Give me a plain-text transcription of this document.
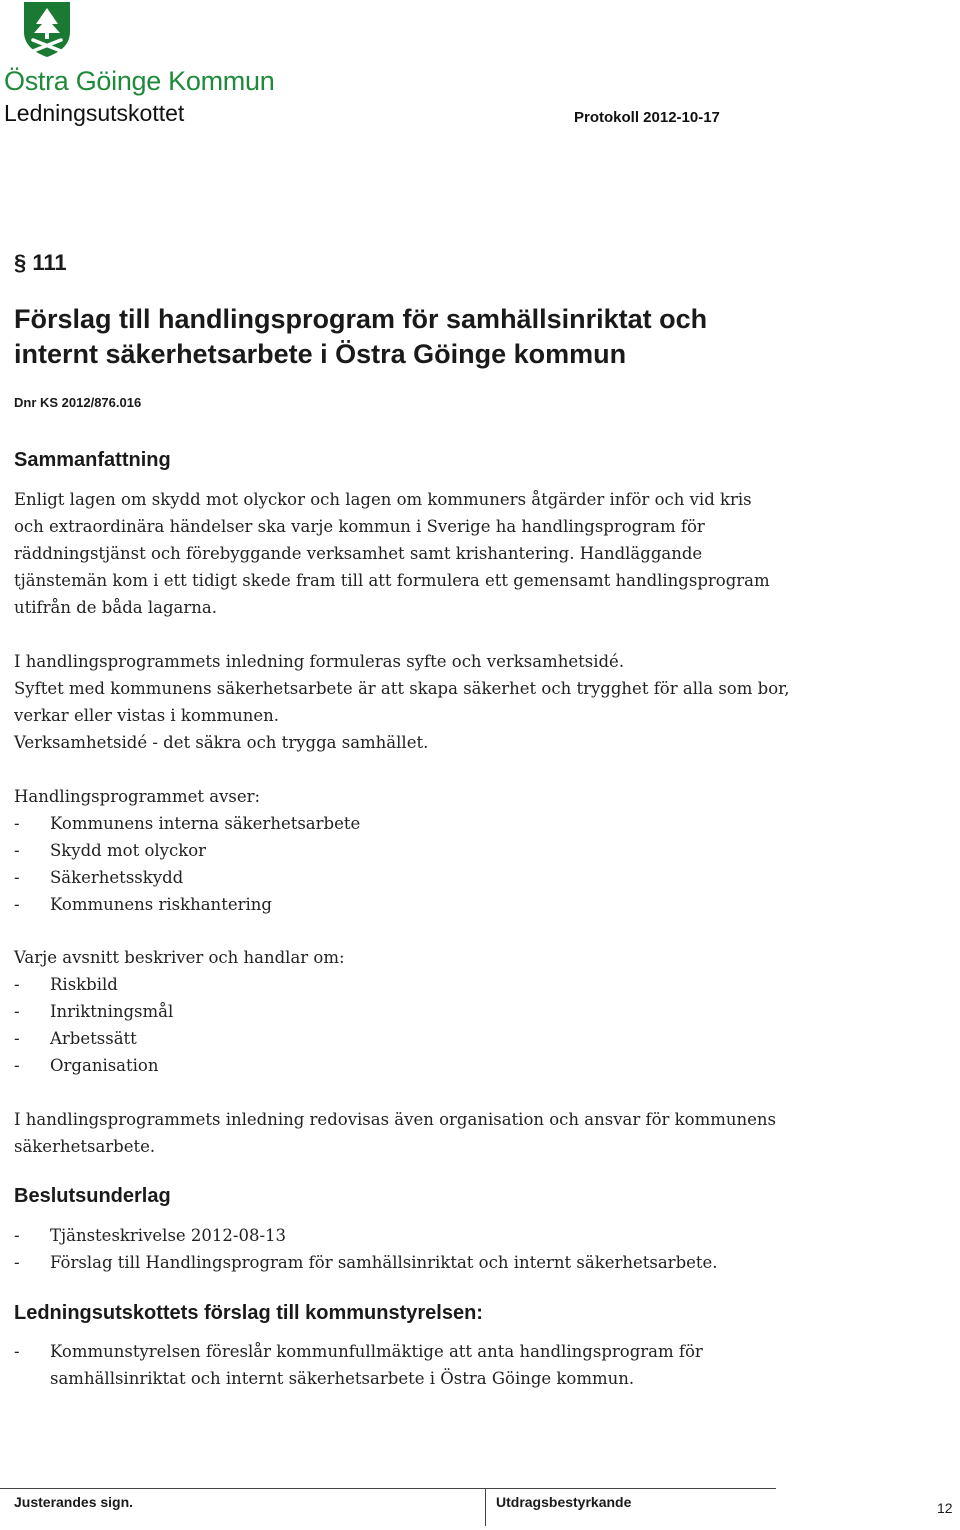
Östra Göinge Kommun
Ledningsutskottet	Protokoll 2012-10-17
§ 111
Förslag till handlingsprogram för samhällsinriktat och
internt säkerhetsarbete i Östra Göinge kommun
Dnr KS 2012/876.016
Sammanfattning
Enligt lagen om skydd mot olyckor och lagen om kommuners åtgärder inför och vid kris
och extraordinära händelser ska varje kommun i Sverige ha handlingsprogram för
räddningstjänst och förebyggande verksamhet samt krishantering. Handläggande
tjänstemän kom i ett tidigt skede fram till att formulera ett gemensamt handlingsprogram
utifrån de båda lagarna.
I handlingsprogrammets inledning formuleras syfte och verksamhetsidé.
Syftet med kommunens säkerhetsarbete är att skapa säkerhet och trygghet för alla som bor,
verkar eller vistas i kommunen.
Verksamhetsidé - det säkra och trygga samhället.
Handlingsprogrammet avser:
-	Kommunens interna säkerhetsarbete
-	Skydd mot olyckor
-	Säkerhetsskydd
-	Kommunens riskhantering
Varje avsnitt beskriver och handlar om:
-	Riskbild
-	Inriktningsmål
-	Arbetssätt
-	Organisation
I handlingsprogrammets inledning redovisas även organisation och ansvar för kommunens
säkerhetsarbete.
Beslutsunderlag
-	Tjänsteskrivelse 2012-08-13
-	Förslag till Handlingsprogram för samhällsinriktat och internt säkerhetsarbete.
Ledningsutskottets förslag till kommunstyrelsen:
-	Kommunstyrelsen föreslår kommunfullmäktige att anta handlingsprogram för
samhällsinriktat och internt säkerhetsarbete i Östra Göinge kommun.
Justerandes sign.	Utdragsbestyrkande	12
